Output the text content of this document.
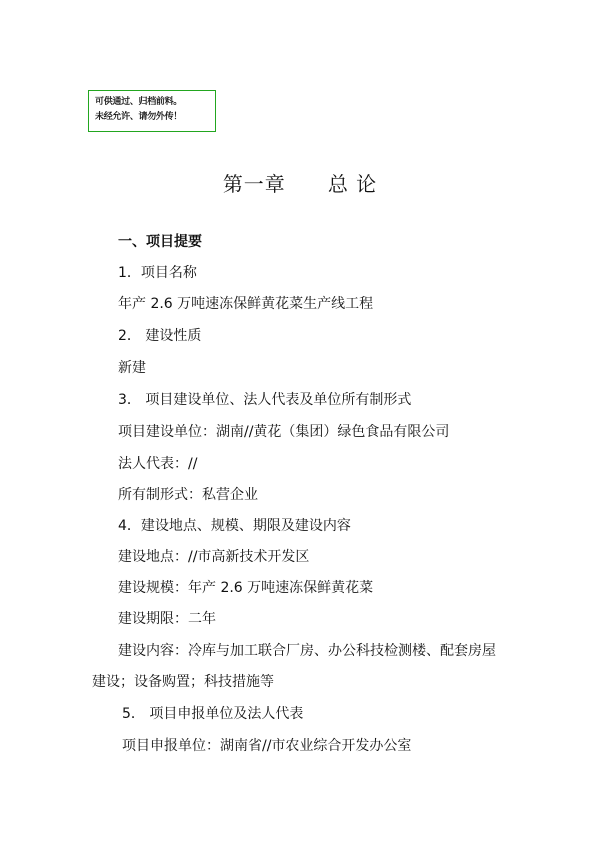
可供通过、归档前料。
未经允许、请勿外传！
第一章 总 论
一、项目提要
1．项目名称
年产 2.6 万吨速冻保鲜黄花菜生产线工程
2． 建设性质
新建
3． 项目建设单位、法人代表及单位所有制形式
项目建设单位：湖南//黄花（集团）绿色食品有限公司
法人代表：//
所有制形式：私营企业
4．建设地点、规模、期限及建设内容
建设地点：//市高新技术开发区
建设规模：年产 2.6 万吨速冻保鲜黄花菜
建设期限：二年
建设内容：冷库与加工联合厂房、办公科技检测楼、配套房屋
建设；设备购置；科技措施等
5． 项目申报单位及法人代表
项目申报单位：湖南省//市农业综合开发办公室
